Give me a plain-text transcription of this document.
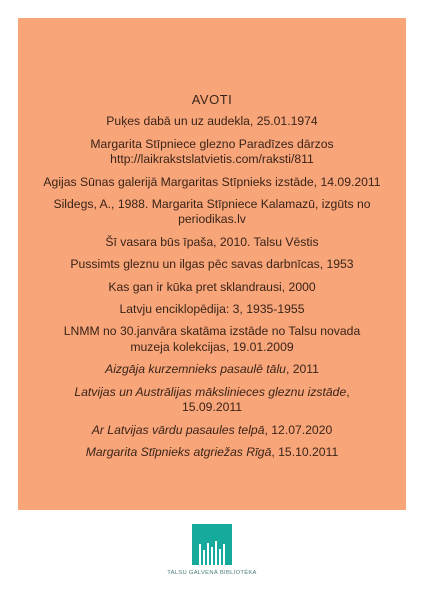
AVOTI
Puķes dabā un uz audekla, 25.01.1974
Margarita Stīpniece glezno Paradīzes dārzos
http://laikrakstslatvietis.com/raksti/811
Agijas Sūnas galerijā Margaritas Stīpnieks izstāde, 14.09.2011
Sildegs, A., 1988. Margarita Stīpniece Kalamazū, izgūts no
periodikas.lv
Šī vasara būs īpaša, 2010. Talsu Vēstis
Pussimts gleznu un ilgas pēc savas darbnīcas, 1953
Kas gan ir kūka pret sklandrausi, 2000
Latvju enciklopēdija: 3, 1935-1955
LNMM no 30.janvāra skatāma izstāde no Talsu novada
muzeja kolekcijas, 19.01.2009
Aizgāja kurzemnieks pasaulē tālu, 2011
Latvijas un Austrālijas mākslinieces gleznu izstāde,
15.09.2011
Ar Latvijas vārdu pasaules telpā, 12.07.2020
Margarita Stīpnieks atgriežas Rīgā, 15.10.2011
TALSU GALVENĀ BIBLIOTĒKA
